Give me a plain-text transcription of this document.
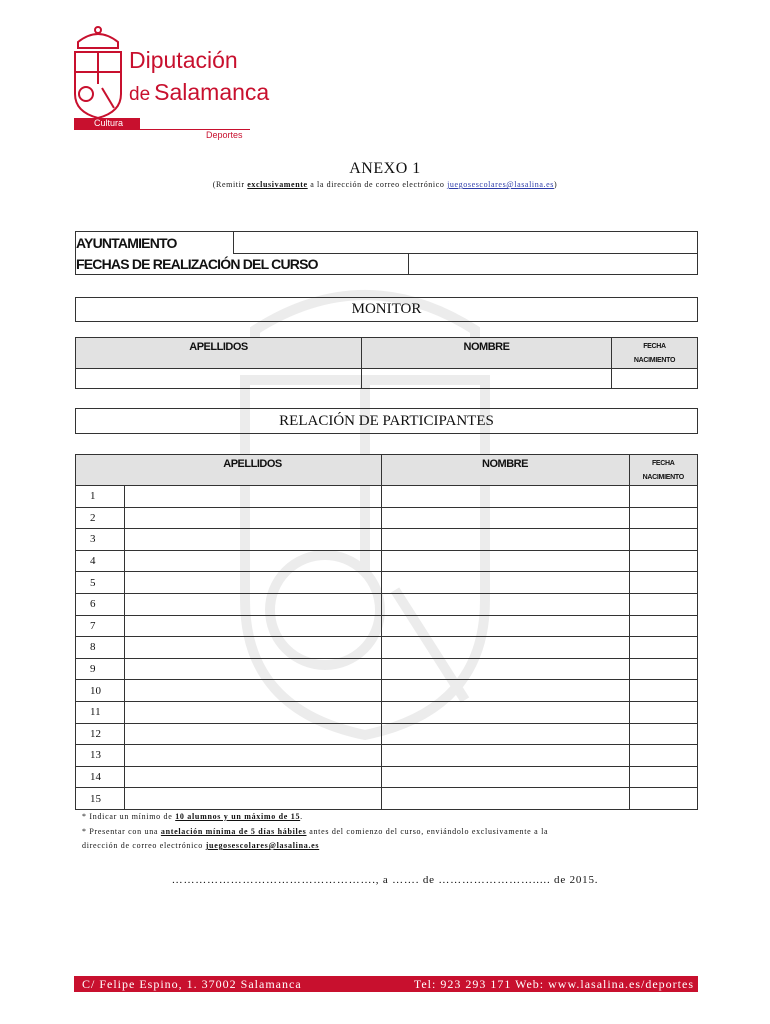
Diputación
de Salamanca
Cultura
Deportes
ANEXO 1
(Remitir exclusivamente a la dirección de correo electrónico juegosescolares@lasalina.es)
AYUNTAMIENTO	
FECHAS DE REALIZACIÓN DEL CURSO	
MONITOR
APELLIDOS	NOMBRE	FECHA
NACIMIENTO

RELACIÓN DE PARTICIPANTES
	APELLIDOS	NOMBRE	FECHA
NACIMIENTO
1			
2			
3			
4			
5			
6			
7			
8			
9			
10			
11			
12			
13			
14			
15			
* Indicar un mínimo de 10 alumnos y un máximo de 15.
* Presentar con una antelación mínima de 5 días hábiles antes del comienzo del curso, enviándolo exclusivamente a la
dirección de correo electrónico juegosescolares@lasalina.es
……………………………………………., a ……. de ……………………..... de 2015.
C/ Felipe Espino, 1. 37002 Salamanca	Tel: 923 293 171 Web: www.lasalina.es/deportes
